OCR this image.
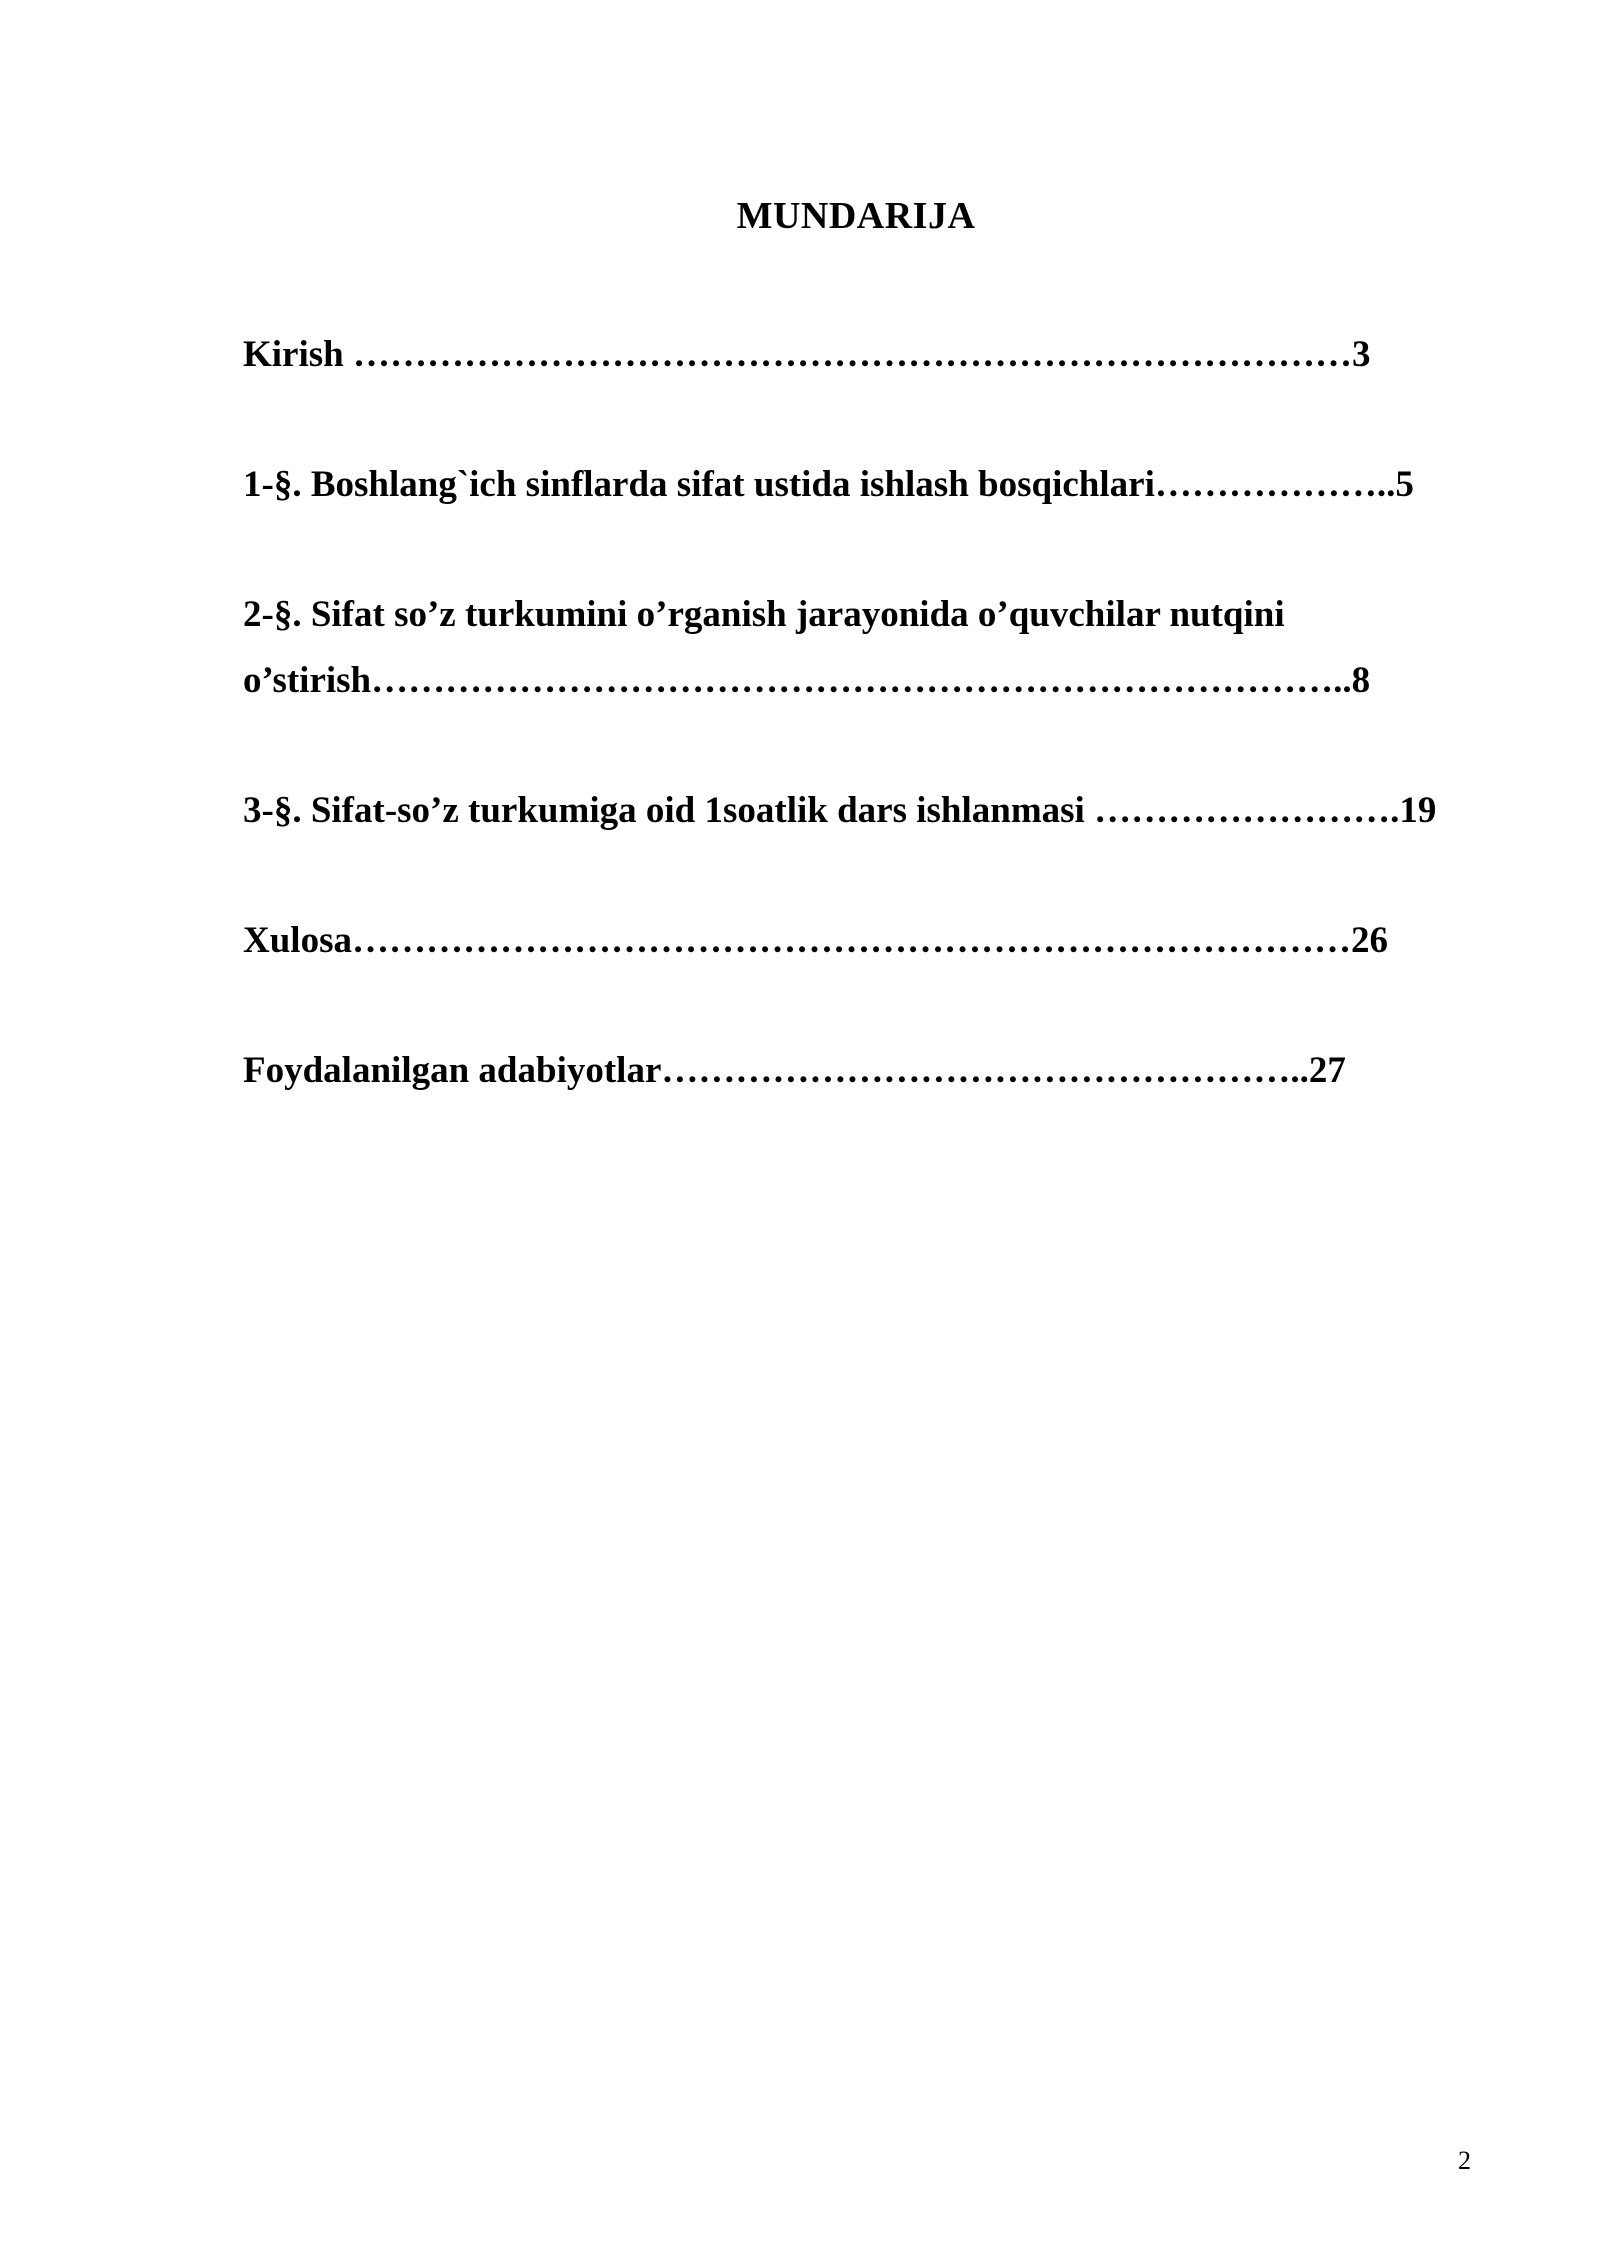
MUNDARIJA
Kirish ………………………………………………………………………3
1-§. Boshlang`ich sinflarda sifat ustida ishlash bosqichlari………………..5
2-§. Sifat so’z turkumini o’rganish jarayonida o’quvchilar nutqini
o’stirish……………………………………………………………………..8
3-§. Sifat-so’z turkumiga oid 1soatlik dars ishlanmasi …………………….19
Xulosa………………………………………………………………………26
Foydalanilgan adabiyotlar……………………………………………..27
2
